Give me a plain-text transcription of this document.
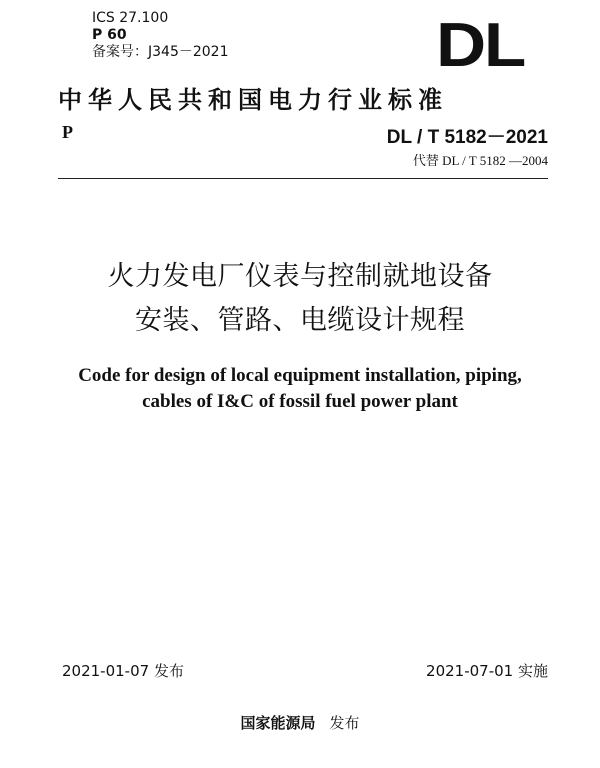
ICS 27.100
P 60
备案号：J345－2021	DL
中华人民共和国电力行业标准
P	DL / T 5182－2021
代替 DL / T 5182 —2004
火力发电厂仪表与控制就地设备
安装、管路、电缆设计规程
Code for design of local equipment installation, piping,
cables of I&C of fossil fuel power plant
2021-01-07 发布	2021-07-01 实施
国家能源局 发布
